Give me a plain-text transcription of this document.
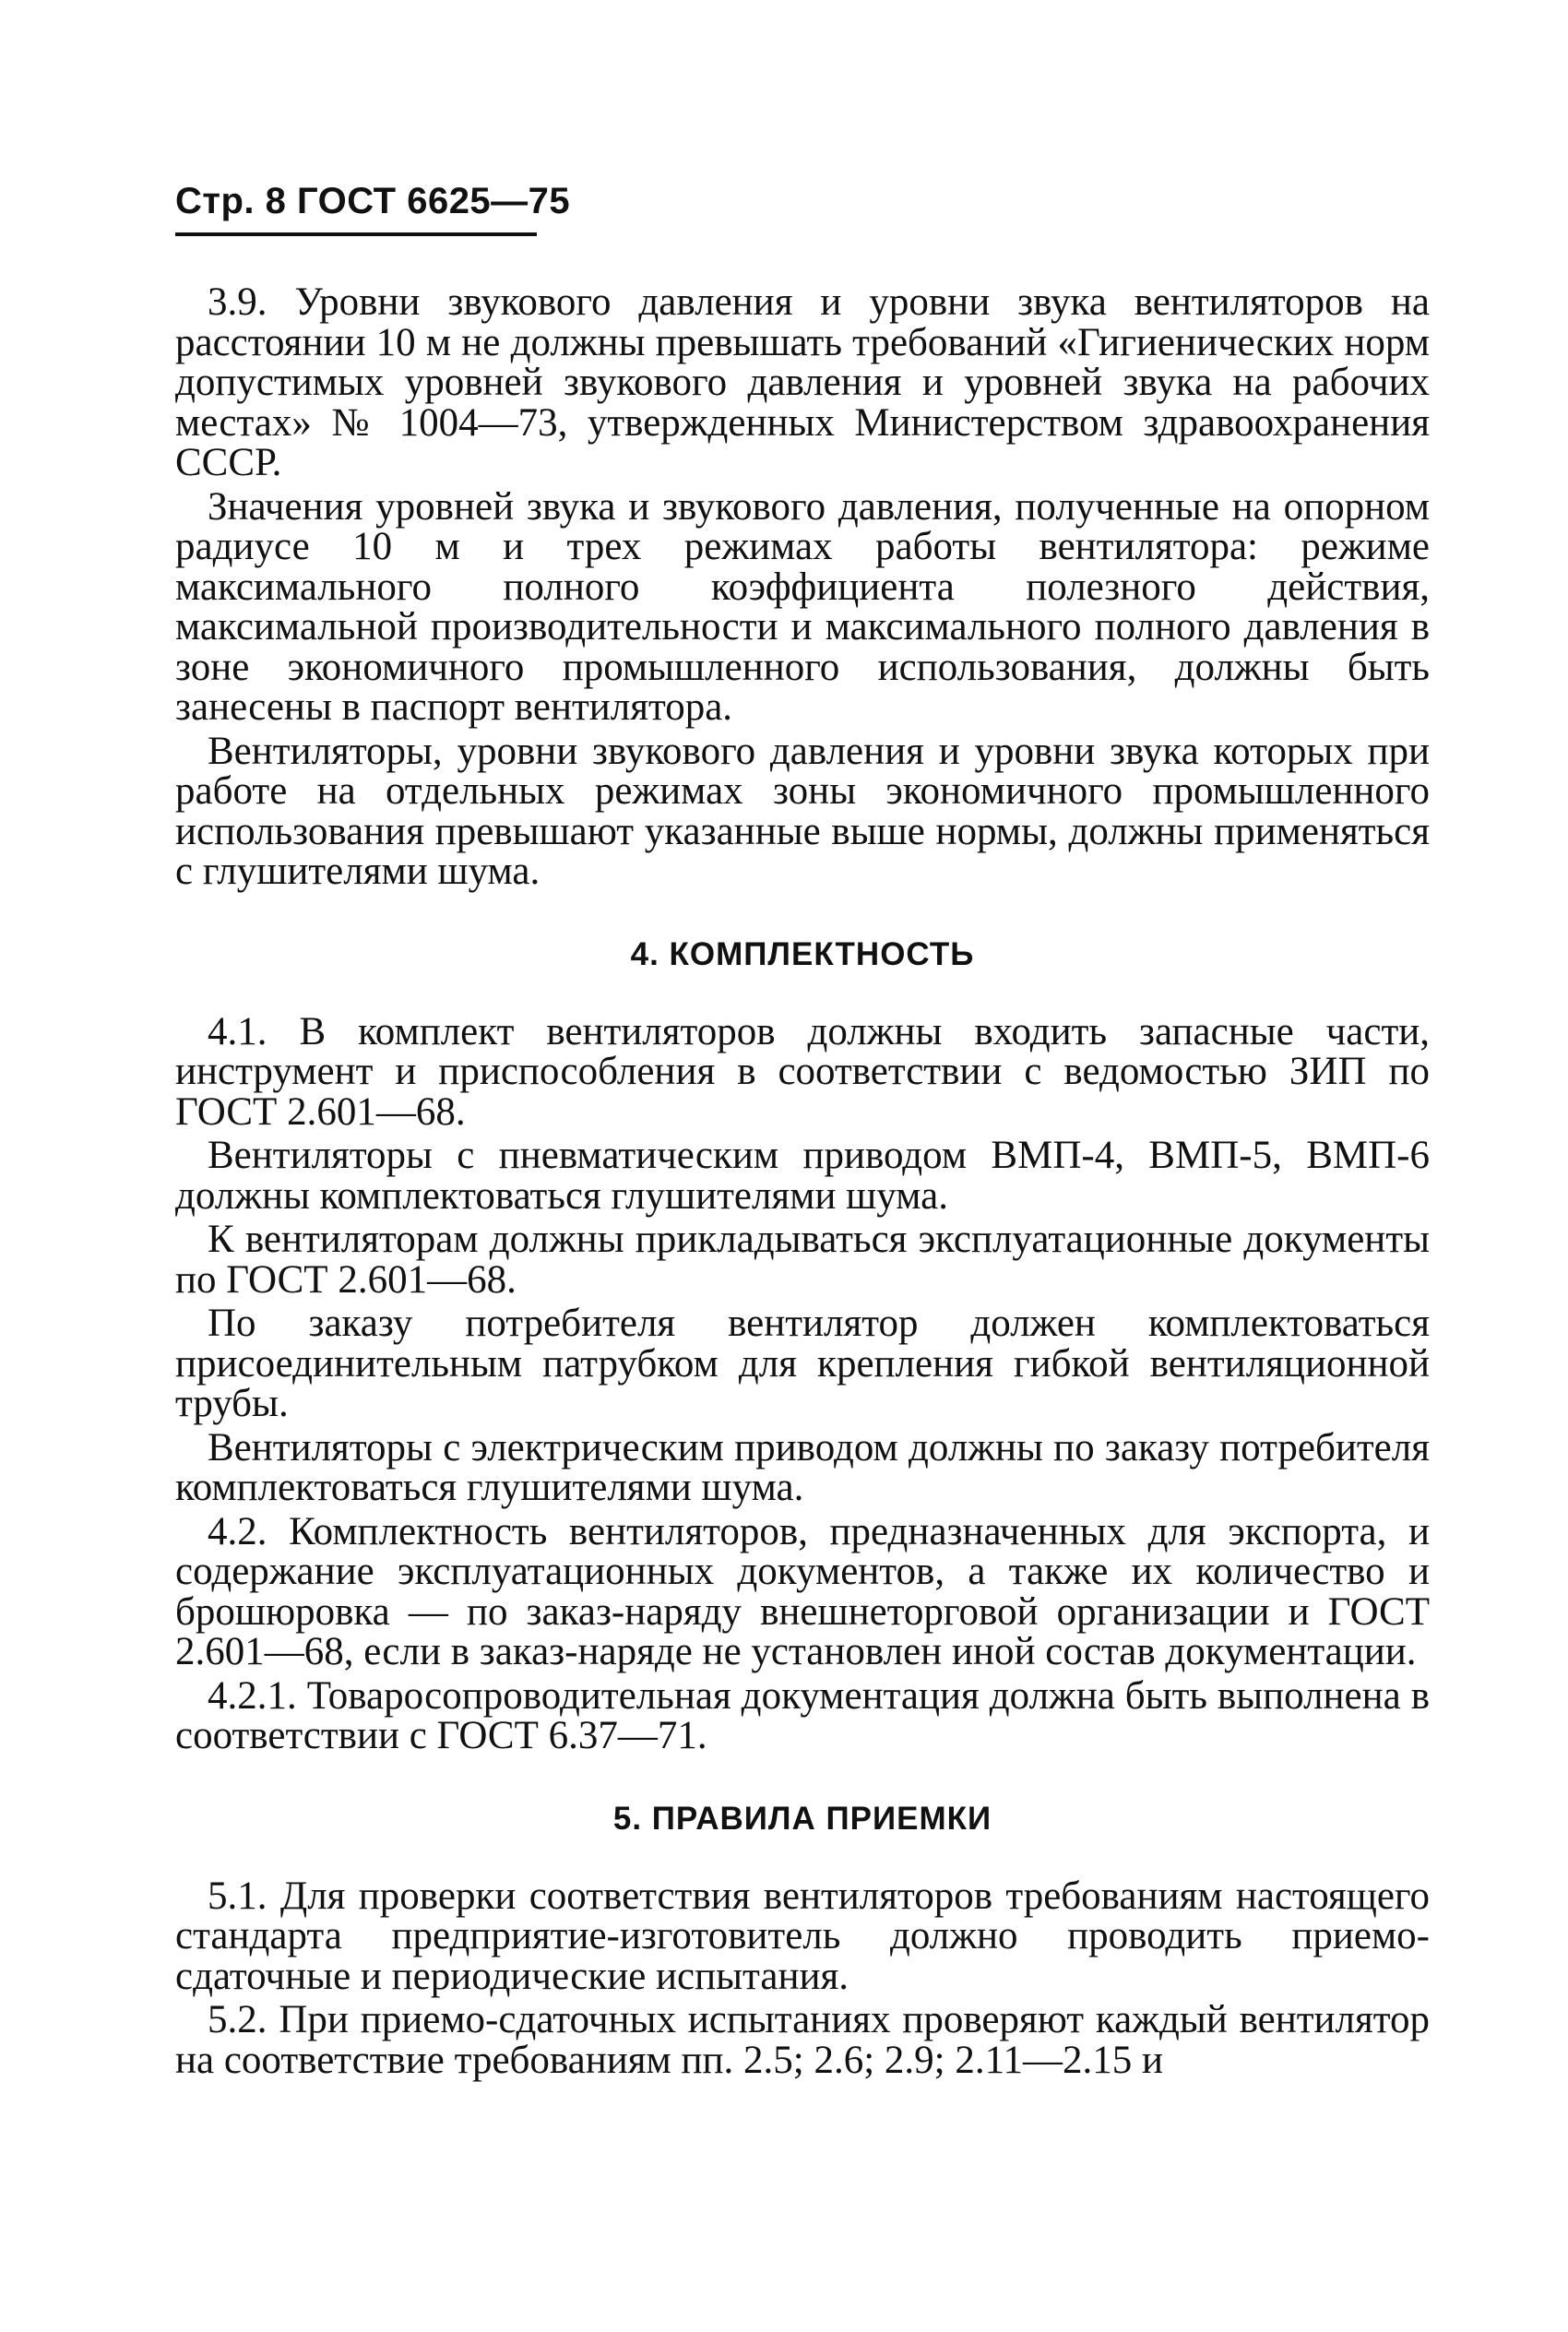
Стр. 8 ГОСТ 6625—75

3.9. Уровни звукового давления и уровни звука вентиляторов на расстоянии 10 м не должны превышать требований «Гигиенических норм допустимых уровней звукового давления и уровней звука на рабочих местах» № 1004—73, утвержденных Министерством здравоохранения СССР.

Значения уровней звука и звукового давления, полученные на опорном радиусе 10 м и трех режимах работы вентилятора: режиме максимального полного коэффициента полезного действия, максимальной производительности и максимального полного давления в зоне экономичного промышленного использования, должны быть занесены в паспорт вентилятора.

Вентиляторы, уровни звукового давления и уровни звука которых при работе на отдельных режимах зоны экономичного промышленного использования превышают указанные выше нормы, должны применяться с глушителями шума.

4. КОМПЛЕКТНОСТЬ

4.1. В комплект вентиляторов должны входить запасные части, инструмент и приспособления в соответствии с ведомостью ЗИП по ГОСТ 2.601—68.

Вентиляторы с пневматическим приводом ВМП-4, ВМП-5, ВМП-6 должны комплектоваться глушителями шума.

К вентиляторам должны прикладываться эксплуатационные документы по ГОСТ 2.601—68.

По заказу потребителя вентилятор должен комплектоваться присоединительным патрубком для крепления гибкой вентиляционной трубы.

Вентиляторы с электрическим приводом должны по заказу потребителя комплектоваться глушителями шума.

4.2. Комплектность вентиляторов, предназначенных для экспорта, и содержание эксплуатационных документов, а также их количество и брошюровка — по заказ-наряду внешнеторговой организации и ГОСТ 2.601—68, если в заказ-наряде не установлен иной состав документации.

4.2.1. Товаросопроводительная документация должна быть выполнена в соответствии с ГОСТ 6.37—71.

5. ПРАВИЛА ПРИЕМКИ

5.1. Для проверки соответствия вентиляторов требованиям настоящего стандарта предприятие-изготовитель должно проводить приемо-сдаточные и периодические испытания.

5.2. При приемо-сдаточных испытаниях проверяют каждый вентилятор на соответствие требованиям пп. 2.5; 2.6; 2.9; 2.11—2.15 и
